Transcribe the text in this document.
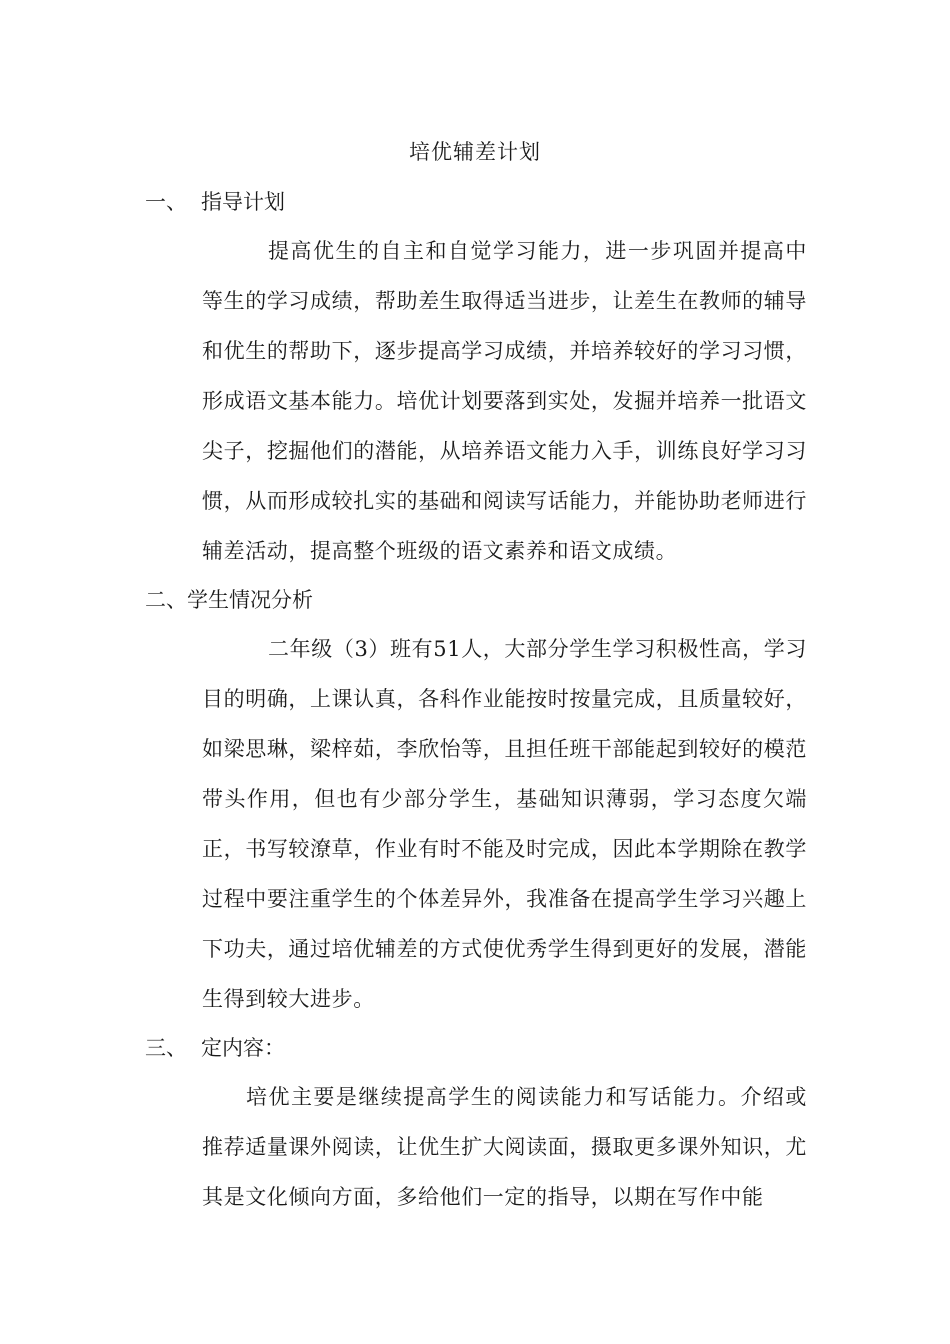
培优辅差计划
一、 指导计划

提高优生的自主和自觉学习能力，进一步巩固并提高中等生的学习成绩，帮助差生取得适当进步，让差生在教师的辅导和优生的帮助下，逐步提高学习成绩，并培养较好的学习习惯，形成语文基本能力。培优计划要落到实处，发掘并培养一批语文尖子，挖掘他们的潜能，从培养语文能力入手，训练良好学习习惯，从而形成较扎实的基础和阅读写话能力，并能协助老师进行辅差活动，提高整个班级的语文素养和语文成绩。

二、学生情况分析

二年级（3）班有51人，大部分学生学习积极性高，学习目的明确，上课认真，各科作业能按时按量完成，且质量较好，如梁思琳，梁梓茹，李欣怡等，且担任班干部能起到较好的模范带头作用，但也有少部分学生，基础知识薄弱，学习态度欠端正，书写较潦草，作业有时不能及时完成，因此本学期除在教学过程中要注重学生的个体差异外，我准备在提高学生学习兴趣上下功夫，通过培优辅差的方式使优秀学生得到更好的发展，潜能生得到较大进步。

三、 定内容：

培优主要是继续提高学生的阅读能力和写话能力。介绍或推荐适量课外阅读，让优生扩大阅读面，摄取更多课外知识，尤其是文化倾向方面，多给他们一定的指导，以期在写作中能
